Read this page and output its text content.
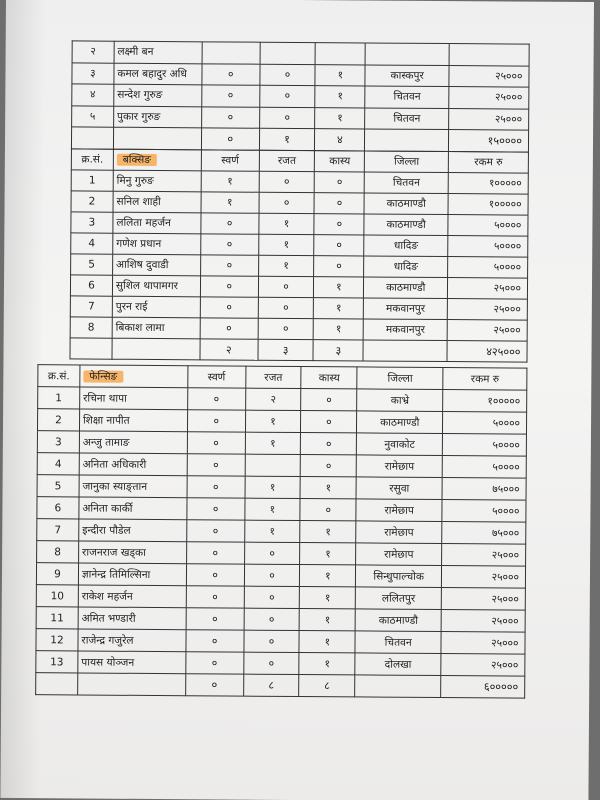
२	लक्ष्मी बन					
३	कमल बहादुर अधि	०	०	१	कास्कपुर	२५०००
४	सन्देश गुरुङ	०	०	१	चितवन	२५०००
५	पुकार गुरुङ	०	०	१	चितवन	२५०००
		०	१	४		१५००००
क्र.सं.	बक्सिङ	स्वर्ण	रजत	कास्य	जिल्ला	रकम रु
1	मिनु गुरुङ	१	०	०	चितवन	१०००००
2	सनिल शाही	१	०	०	काठमाण्डौ	१०००००
3	ललिता महर्जन	०	१	०	काठमाण्डौ	५००००
4	गणेश प्रधान	०	१	०	धादिङ	५००००
5	आशिष दुवाडी	०	१	०	धादिङ	५००००
6	सुशिल थापामगर	०	०	१	काठमाण्डौ	२५०००
7	पुरन राई	०	०	१	मकवानपुर	२५०००
8	बिकाश लामा	०	०	१	मकवानपुर	२५०००
		२	३	३		४२५०००
क्र.सं.	फेन्सिङ	स्वर्ण	रजत	कास्य	जिल्ला	रकम रु
1	रचिना थापा	०	२	०	काभ्रे	१०००००
2	शिक्षा नापीत	०	१	०	काठमाण्डौ	५००००
3	अन्जु तामाङ	०	१	०	नुवाकोट	५००००
4	अनिता अधिकारी	०		०	रामेछाप	५००००
5	जानुका स्याङ्तान	०	१	१	रसुवा	७५०००
6	अनिता कार्की	०	१	०	रामेछाप	५००००
7	इन्दीरा पौडेल	०	१	१	रामेछाप	७५०००
8	राजनराज खड्का	०	०	१	रामेछाप	२५०००
9	ज्ञानेन्द्र तिमिल्सिना	०	०	१	सिन्धुपाल्चोक	२५०००
10	राकेश महर्जन	०	०	१	ललितपुर	२५०००
11	अमित भण्डारी	०	०	१	काठमाण्डौ	२५०००
12	राजेन्द्र गजुरेल	०	०	१	चितवन	२५०००
13	पायस योञ्जन	०	०	१	दोलखा	२५०००
		०	८	८		६०००००
